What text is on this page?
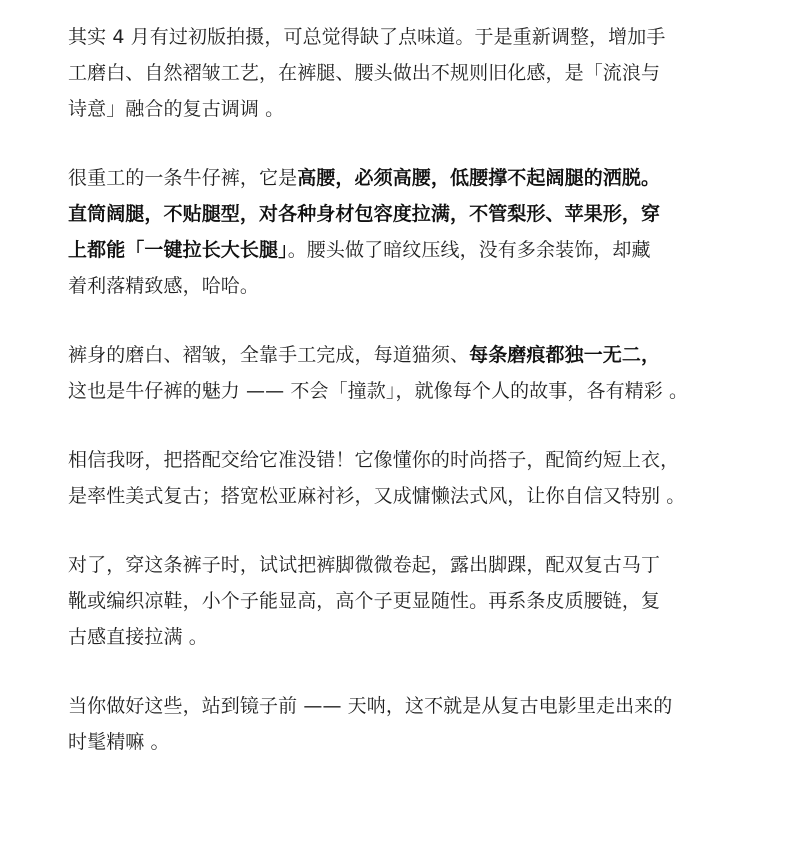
其实 4 月有过初版拍摄，可总觉得缺了点味道。于是重新调整，增加手
工磨白、自然褶皱工艺，在裤腿、腰头做出不规则旧化感，是「流浪与
诗意」融合的复古调调 。
很重工的一条牛仔裤，它是高腰，必须高腰，低腰撑不起阔腿的洒脱。
直筒阔腿，不贴腿型，对各种身材包容度拉满，不管梨形、苹果形，穿
上都能「一键拉长大长腿」。腰头做了暗纹压线，没有多余装饰，却藏
着利落精致感，哈哈。
裤身的磨白、褶皱，全靠手工完成，每道猫须、每条磨痕都独一无二，
这也是牛仔裤的魅力 —— 不会「撞款」，就像每个人的故事，各有精彩 。
相信我呀，把搭配交给它准没错！它像懂你的时尚搭子，配简约短上衣，
是率性美式复古；搭宽松亚麻衬衫，又成慵懒法式风，让你自信又特别 。
对了，穿这条裤子时，试试把裤脚微微卷起，露出脚踝，配双复古马丁
靴或编织凉鞋，小个子能显高，高个子更显随性。再系条皮质腰链，复
古感直接拉满 。
当你做好这些，站到镜子前 —— 天呐，这不就是从复古电影里走出来的
时髦精嘛 。
